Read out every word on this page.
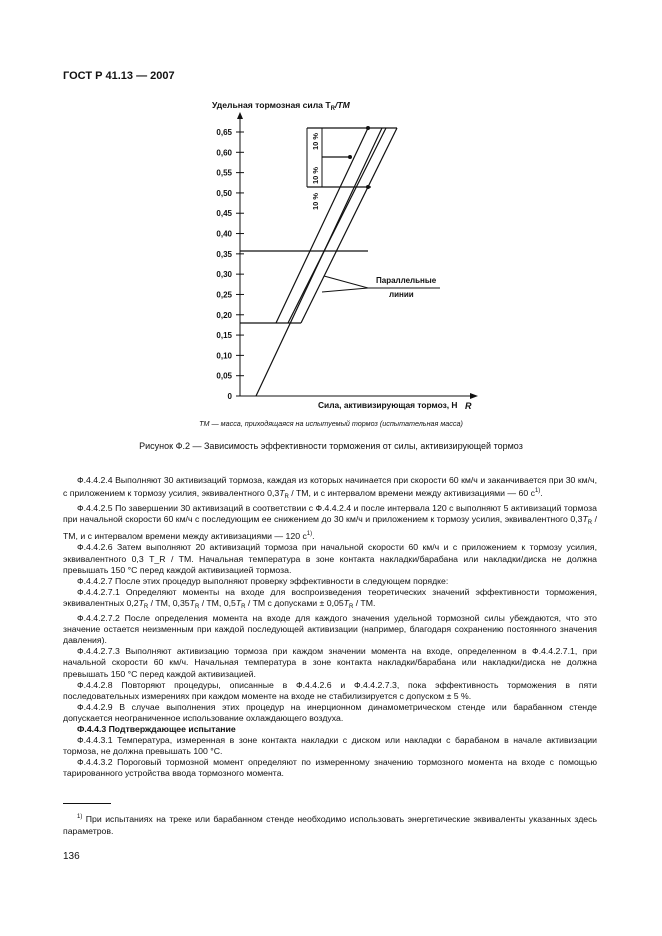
ГОСТ Р 41.13 — 2007
Удельная тормозная сила $T_R/TM$
0,65
0,60
0,55
0,50
0,45
0,40
0,35
0,30
0,25
0,20
0,15
0,10
0,05
0
10 %
10 %
10 %
Параллельные
линии
Сила, активизирующая тормоз, Н R
TM — масса, приходящаяся на испытуемый тормоз (испытательная масса)
Рисунок Ф.2 — Зависимость эффективности торможения от силы, активизирующей тормоз

Ф.4.4.2.4 Выполняют 30 активизаций тормоза, каждая из которых начинается при скорости 60 км/ч и заканчивается при 30 км/ч, с приложением к тормозу усилия, эквивалентного $0,3T_R$ / TM, и с интервалом времени между активизациями — 60 $с^{1)}$.

Ф.4.4.2.5 По завершении 30 активизаций в соответствии с Ф.4.4.2.4 и после интервала 120 с выполняют 5 активизаций тормоза при начальной скорости 60 км/ч с последующим ее снижением до 30 км/ч и приложением к тормозу усилия, эквивалентного $0,3T_R$ / TM, и с интервалом времени между активизациями — 120 $с^{1)}$.

Ф.4.4.2.6 Затем выполняют 20 активизаций тормоза при начальной скорости 60 км/ч и с приложением к тормозу усилия, эквивалентного 0,3 T_R / TM. Начальная температура в зоне контакта накладки/барабана или накладки/диска не должна превышать 150 °С перед каждой активизацией тормоза.

Ф.4.4.2.7 После этих процедур выполняют проверку эффективности в следующем порядке:

Ф.4.4.2.7.1 Определяют моменты на входе для воспроизведения теоретических значений эффективности торможения, эквивалентных $0,2T_R$ / TM, $0,35T_R$ / TM, $0,5T_R$ / TM с допусками ± $0,05T_R$ / TM.

Ф.4.4.2.7.2 После определения момента на входе для каждого значения удельной тормозной силы убеждаются, что это значение остается неизменным при каждой последующей активизации (например, благодаря сохранению постоянного значения давления).

Ф.4.4.2.7.3 Выполняют активизацию тормоза при каждом значении момента на входе, определенном в Ф.4.4.2.7.1, при начальной скорости 60 км/ч. Начальная температура в зоне контакта накладки/барабана или накладки/диска не должна превышать 150 °С перед каждой активизацией.

Ф.4.4.2.8 Повторяют процедуры, описанные в Ф.4.4.2.6 и Ф.4.4.2.7.3, пока эффективность торможения в пяти последовательных измерениях при каждом моменте на входе не стабилизируется с допуском ± 5 %.

Ф.4.4.2.9 В случае выполнения этих процедур на инерционном динамометрическом стенде или барабанном стенде допускается неограниченное использование охлаждающего воздуха.

Ф.4.4.3 Подтверждающее испытание

Ф.4.4.3.1 Температура, измеренная в зоне контакта накладки с диском или накладки с барабаном в начале активизации тормоза, не должна превышать 100 °С.

Ф.4.4.3.2 Пороговый тормозной момент определяют по измеренному значению тормозного момента на входе с помощью тарированного устройства ввода тормозного момента.

$^{1)}$ При испытаниях на треке или барабанном стенде необходимо использовать энергетические эквиваленты указанных здесь параметров.
136
